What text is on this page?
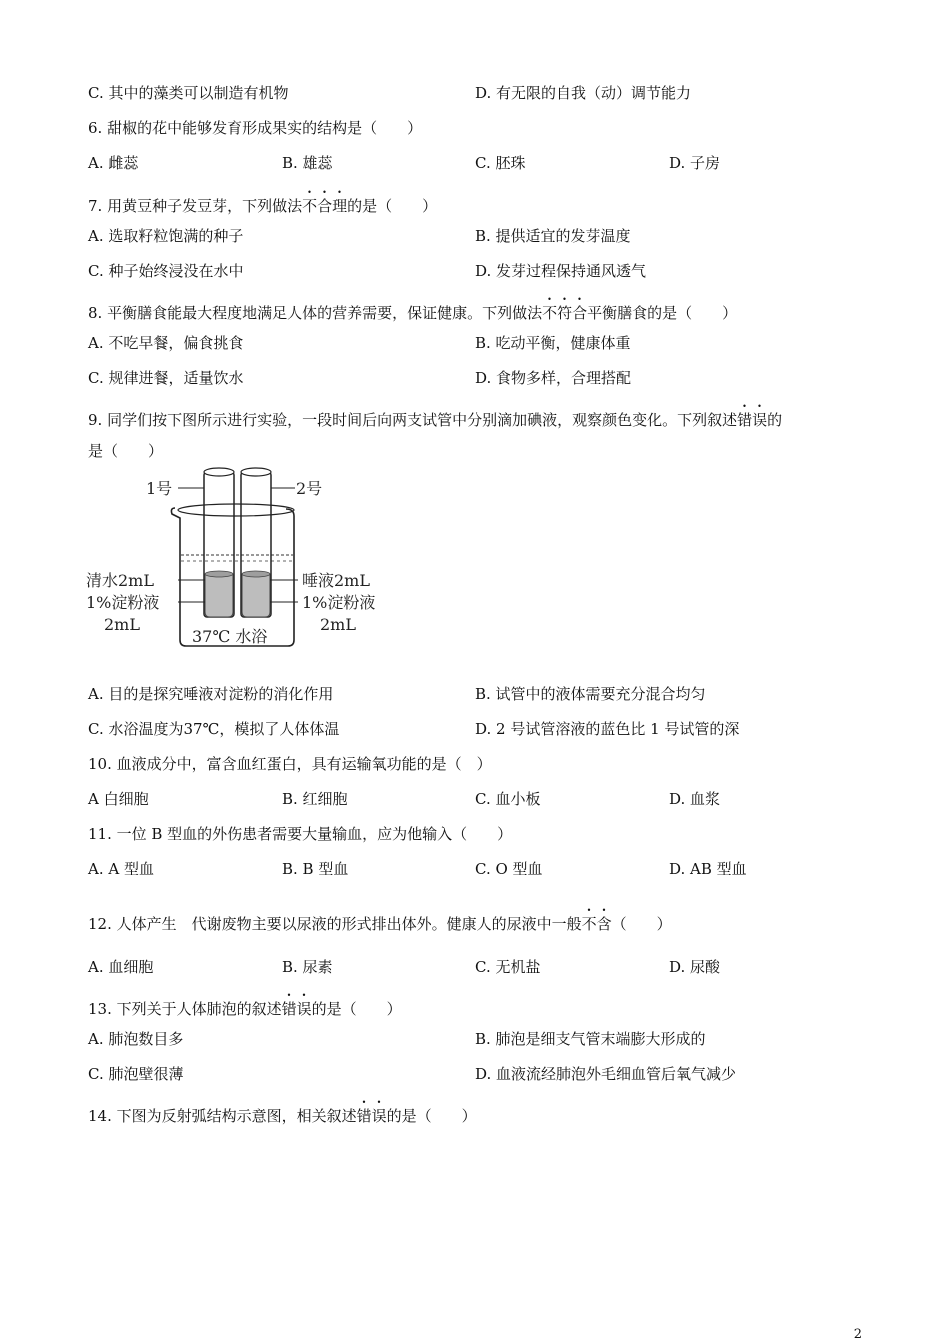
C. 其中的藻类可以制造有机物	D. 有无限的自我（动）调节能力
6. 甜椒的花中能够发育形成果实的结构是（　　）
A. 雌蕊	B. 雄蕊	C. 胚珠	D. 子房
7. 用黄豆种子发豆芽，下列做法不合理的是（　　）
A. 选取籽粒饱满的种子	B. 提供适宜的发芽温度
C. 种子始终浸没在水中	D. 发芽过程保持通风透气
8. 平衡膳食能最大程度地满足人体的营养需要，保证健康。下列做法不符合平衡膳食的是（　　）
A. 不吃早餐，偏食挑食	B. 吃动平衡，健康体重
C. 规律进餐，适量饮水	D. 食物多样，合理搭配
9. 同学们按下图所示进行实验，一段时间后向两支试管中分别滴加碘液，观察颜色变化。下列叙述错误的
是（　　）
1号	2号
清水2mL
1%淀粉液
2mL
唾液2mL
1%淀粉液
2mL
37℃ 水浴
A. 目的是探究唾液对淀粉的消化作用	B. 试管中的液体需要充分混合均匀
C. 水浴温度为37℃，模拟了人体体温	D. 2 号试管溶液的蓝色比 1 号试管的深
10. 血液成分中，富含血红蛋白，具有运输氧功能的是（　）
A 白细胞	B. 红细胞	C. 血小板	D. 血浆
11. 一位 B 型血的外伤患者需要大量输血，应为他输入（　　）
A. A 型血	B. B 型血	C. O 型血	D. AB 型血
12. 人体产生　代谢废物主要以尿液的形式排出体外。健康人的尿液中一般不含（　　）
A. 血细胞	B. 尿素	C. 无机盐	D. 尿酸
13. 下列关于人体肺泡的叙述错误的是（　　）
A. 肺泡数目多	B. 肺泡是细支气管末端膨大形成的
C. 肺泡壁很薄	D. 血液流经肺泡外毛细血管后氧气减少
14. 下图为反射弧结构示意图，相关叙述错误的是（　　）
2
